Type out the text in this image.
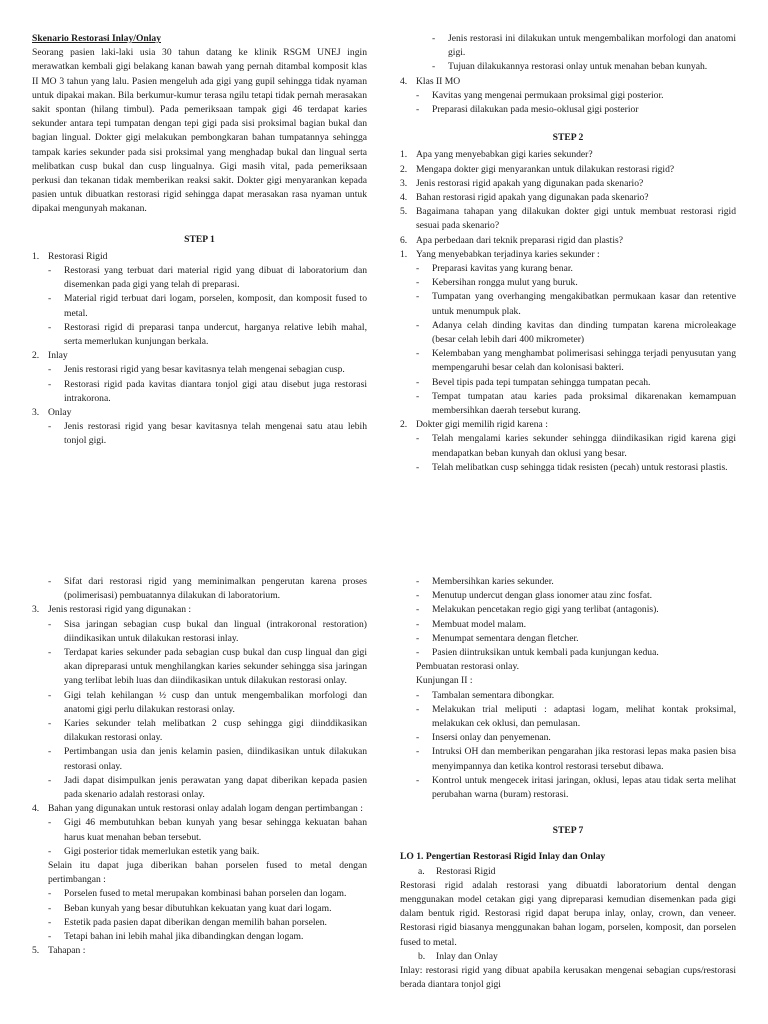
Skenario Restorasi Inlay/Onlay

Seorang pasien laki-laki usia 30 tahun datang ke klinik RSGM UNEJ ingin merawatkan kembali gigi belakang kanan bawah yang pernah ditambal komposit klas II MO 3 tahun yang lalu. Pasien mengeluh ada gigi yang gupil sehingga tidak nyaman untuk dipakai makan. Bila berkumur-kumur terasa ngilu tetapi tidak pernah merasakan sakit spontan (hilang timbul). Pada pemeriksaan tampak gigi 46 terdapat karies sekunder antara tepi tumpatan dengan tepi gigi pada sisi proksimal bagian bukal dan bagian lingual. Dokter gigi melakukan pembongkaran bahan tumpatannya sehingga tampak karies sekunder pada sisi proksimal yang menghadap bukal dan lingual serta melibatkan cusp bukal dan cusp lingualnya. Gigi masih vital, pada pemeriksaan perkusi dan tekanan tidak memberikan reaksi sakit. Dokter gigi menyarankan kepada pasien untuk dibuatkan restorasi rigid sehingga dapat merasakan rasa nyaman untuk dipakai mengunyah makanan.

STEP 1

1. Restorasi Rigid
-	Restorasi yang terbuat dari material rigid yang dibuat di laboratorium dan disemenkan pada gigi yang telah di preparasi.
-	Material rigid terbuat dari logam, porselen, komposit, dan komposit fused to metal.
-	Restorasi rigid di preparasi tanpa undercut, harganya relative lebih mahal, serta memerlukan kunjungan berkala.
2. Inlay
-	Jenis restorasi rigid yang besar kavitasnya telah mengenai sebagian cusp.
-	Restorasi rigid pada kavitas diantara tonjol gigi atau disebut juga restorasi intrakorona.
3. Onlay
-	Jenis restorasi rigid yang besar kavitasnya telah mengenai satu atau lebih tonjol gigi.
-	Jenis restorasi ini dilakukan untuk mengembalikan morfologi dan anatomi gigi.
-	Tujuan dilakukannya restorasi onlay untuk menahan beban kunyah.
4. Klas II MO
-	Kavitas yang mengenai permukaan proksimal gigi posterior.
-	Preparasi dilakukan pada mesio-oklusal gigi posterior

STEP 2

1. Apa yang menyebabkan gigi karies sekunder?
2. Mengapa dokter gigi menyarankan untuk dilakukan restorasi rigid?
3. Jenis restorasi rigid apakah yang digunakan pada skenario?
4. Bahan restorasi rigid apakah yang digunakan pada skenario?
5. Bagaimana tahapan yang dilakukan dokter gigi untuk membuat restorasi rigid sesuai pada skenario?
6. Apa perbedaan dari teknik preparasi rigid dan plastis?
1. Yang menyebabkan terjadinya karies sekunder :
-	Preparasi kavitas yang kurang benar.
-	Kebersihan rongga mulut yang buruk.
-	Tumpatan yang overhanging mengakibatkan permukaan kasar dan retentive untuk menumpuk plak.
-	Adanya celah dinding kavitas dan dinding tumpatan karena microleakage (besar celah lebih dari 400 mikrometer)
-	Kelembaban yang menghambat polimerisasi sehingga terjadi penyusutan yang mempengaruhi besar celah dan kolonisasi bakteri.
-	Bevel tipis pada tepi tumpatan sehingga tumpatan pecah.
-	Tempat tumpatan atau karies pada proksimal dikarenakan kemampuan membersihkan daerah tersebut kurang.
2. Dokter gigi memilih rigid karena :
-	Telah mengalami karies sekunder sehingga diindikasikan rigid karena gigi mendapatkan beban kunyah dan oklusi yang besar.
-	Telah melibatkan cusp sehingga tidak resisten (pecah) untuk restorasi plastis.
-	Sifat dari restorasi rigid yang meminimalkan pengerutan karena proses (polimerisasi) pembuatannya dilakukan di laboratorium.
3. Jenis restorasi rigid yang digunakan :
-	Sisa jaringan sebagian cusp bukal dan lingual (intrakoronal restoration) diindikasikan untuk dilakukan restorasi inlay.
-	Terdapat karies sekunder pada sebagian cusp bukal dan cusp lingual dan gigi akan dipreparasi untuk menghilangkan karies sekunder sehingga sisa jaringan yang terlibat lebih luas dan diindikasikan untuk dilakukan restorasi onlay.
-	Gigi telah kehilangan ½ cusp dan untuk mengembalikan morfologi dan anatomi gigi perlu dilakukan restorasi onlay.
-	Karies sekunder telah melibatkan 2 cusp sehingga gigi diinddikasikan dilakukan restorasi onlay.
-	Pertimbangan usia dan jenis kelamin pasien, diindikasikan untuk dilakukan restorasi onlay.
-	Jadi dapat disimpulkan jenis perawatan yang dapat diberikan kepada pasien pada skenario adalah restorasi onlay.
4. Bahan yang digunakan untuk restorasi onlay adalah logam dengan pertimbangan :
-	Gigi 46 membutuhkan beban kunyah yang besar sehingga kekuatan bahan harus kuat menahan beban tersebut.
-	Gigi posterior tidak memerlukan estetik yang baik.

Selain itu dapat juga diberikan bahan porselen fused to metal dengan pertimbangan :

-	Porselen fused to metal merupakan kombinasi bahan porselen dan logam.
-	Beban kunyah yang besar dibutuhkan kekuatan yang kuat dari logam.
-	Estetik pada pasien dapat diberikan dengan memilih bahan porselen.
-	Tetapi bahan ini lebih mahal jika dibandingkan dengan logam.
5. Tahapan :
-	Membersihkan karies sekunder.
-	Menutup undercut dengan glass ionomer atau zinc fosfat.
-	Melakukan pencetakan regio gigi yang terlibat (antagonis).
-	Membuat model malam.
-	Menumpat sementara dengan fletcher.
-	Pasien diintruksikan untuk kembali pada kunjungan kedua.

Pembuatan restorasi onlay.

Kunjungan II :

-	Tambalan sementara dibongkar.
-	Melakukan trial meliputi : adaptasi logam, melihat kontak proksimal, melakukan cek oklusi, dan pemulasan.
-	Insersi onlay dan penyemenan.
-	Intruksi OH dan memberikan pengarahan jika restorasi lepas maka pasien bisa menyimpannya dan ketika kontrol restorasi tersebut dibawa.
-	Kontrol untuk mengecek iritasi jaringan, oklusi, lepas atau tidak serta melihat perubahan warna (buram) restorasi.

STEP 7

LO 1. Pengertian Restorasi Rigid Inlay dan Onlay

a.	Restorasi Rigid

Restorasi rigid adalah restorasi yang dibuatdi laboratorium dental dengan menggunakan model cetakan gigi yang dipreparasi kemudian disemenkan pada gigi dalam bentuk rigid. Restorasi rigid dapat berupa inlay, onlay, crown, dan veneer. Restorasi rigid biasanya menggunakan bahan logam, porselen, komposit, dan porselen fused to metal.

b.	Inlay dan Onlay

Inlay: restorasi rigid yang dibuat apabila kerusakan mengenai sebagian cups/restorasi berada diantara tonjol gigi
